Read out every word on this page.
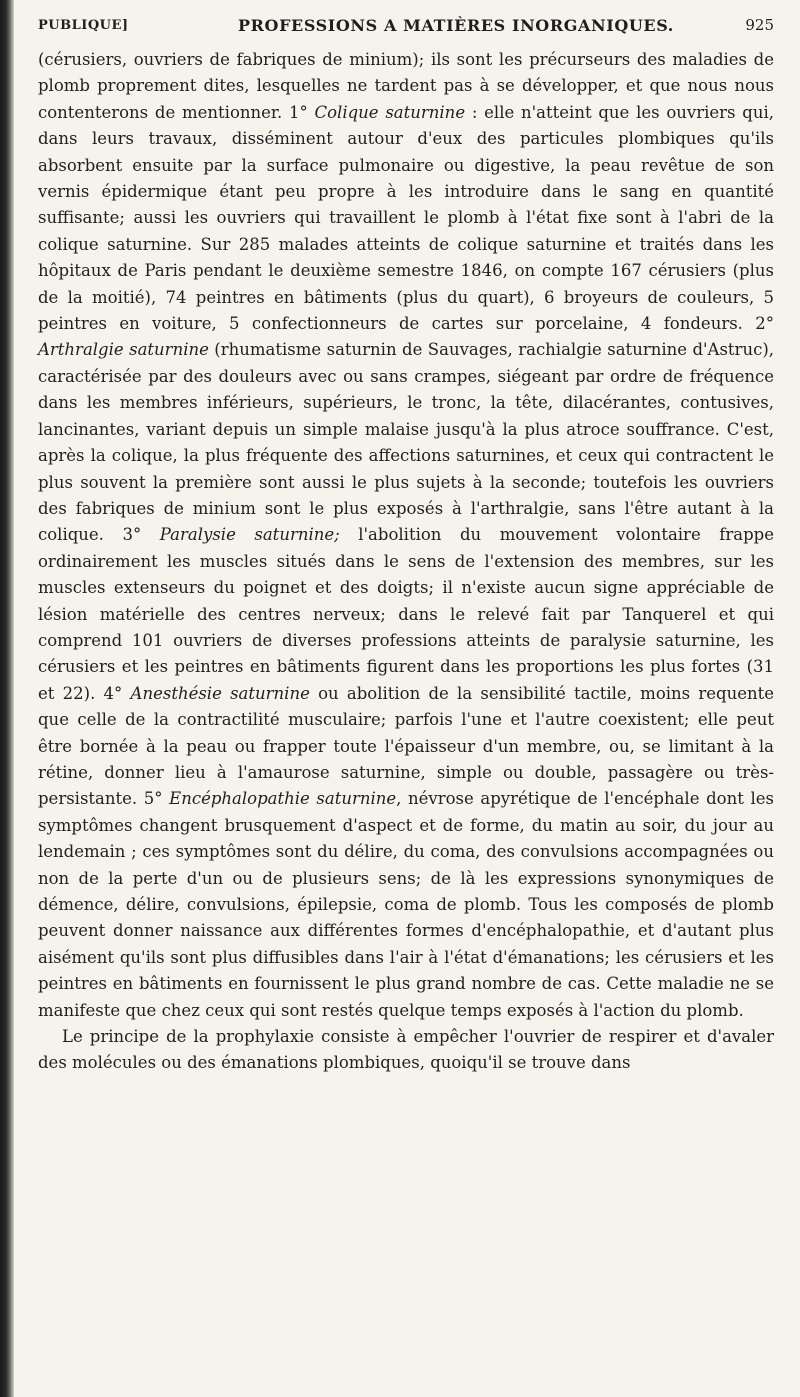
PUBLIQUE]	PROFESSIONS A MATIÈRES INORGANIQUES.	925

(cérusiers, ouvriers de fabriques de minium); ils sont les précurseurs des maladies de plomb proprement dites, lesquelles ne tardent pas à se développer, et que nous nous contenterons de mentionner. 1° Colique saturnine : elle n'atteint que les ouvriers qui, dans leurs travaux, disséminent autour d'eux des particules plombiques qu'ils absorbent ensuite par la surface pulmonaire ou digestive, la peau revêtue de son vernis épidermique étant peu propre à les introduire dans le sang en quantité suffisante; aussi les ouvriers qui travaillent le plomb à l'état fixe sont à l'abri de la colique saturnine. Sur 285 malades atteints de colique saturnine et traités dans les hôpitaux de Paris pendant le deuxième semestre 1846, on compte 167 cérusiers (plus de la moitié), 74 peintres en bâtiments (plus du quart), 6 broyeurs de couleurs, 5 peintres en voiture, 5 confectionneurs de cartes sur porcelaine, 4 fondeurs. 2° Arthralgie saturnine (rhumatisme saturnin de Sauvages, rachialgie saturnine d'Astruc), caractérisée par des douleurs avec ou sans crampes, siégeant par ordre de fréquence dans les membres inférieurs, supérieurs, le tronc, la tête, dilacérantes, contusives, lancinantes, variant depuis un simple malaise jusqu'à la plus atroce souffrance. C'est, après la colique, la plus fréquente des affections saturnines, et ceux qui contractent le plus souvent la première sont aussi le plus sujets à la seconde; toutefois les ouvriers des fabriques de minium sont le plus exposés à l'arthralgie, sans l'être autant à la colique. 3° Paralysie saturnine; l'abolition du mouvement volontaire frappe ordinairement les muscles situés dans le sens de l'extension des membres, sur les muscles extenseurs du poignet et des doigts; il n'existe aucun signe appréciable de lésion matérielle des centres nerveux; dans le relevé fait par Tanquerel et qui comprend 101 ouvriers de diverses professions atteints de paralysie saturnine, les cérusiers et les peintres en bâtiments figurent dans les proportions les plus fortes (31 et 22). 4° Anesthésie saturnine ou abolition de la sensibilité tactile, moins requente que celle de la contractilité musculaire; parfois l'une et l'autre coexistent; elle peut être bornée à la peau ou frapper toute l'épaisseur d'un membre, ou, se limitant à la rétine, donner lieu à l'amaurose saturnine, simple ou double, passagère ou très-persistante. 5° Encéphalopathie saturnine, névrose apyrétique de l'encéphale dont les symptômes changent brusquement d'aspect et de forme, du matin au soir, du jour au lendemain ; ces symptômes sont du délire, du coma, des convulsions accompagnées ou non de la perte d'un ou de plusieurs sens; de là les expressions synonymiques de démence, délire, convulsions, épilepsie, coma de plomb. Tous les composés de plomb peuvent donner naissance aux différentes formes d'encéphalopathie, et d'autant plus aisément qu'ils sont plus diffusibles dans l'air à l'état d'émanations; les cérusiers et les peintres en bâtiments en fournissent le plus grand nombre de cas. Cette maladie ne se manifeste que chez ceux qui sont restés quelque temps exposés à l'action du plomb.

Le principe de la prophylaxie consiste à empêcher l'ouvrier de respirer et d'avaler des molécules ou des émanations plombiques, quoiqu'il se trouve dans
